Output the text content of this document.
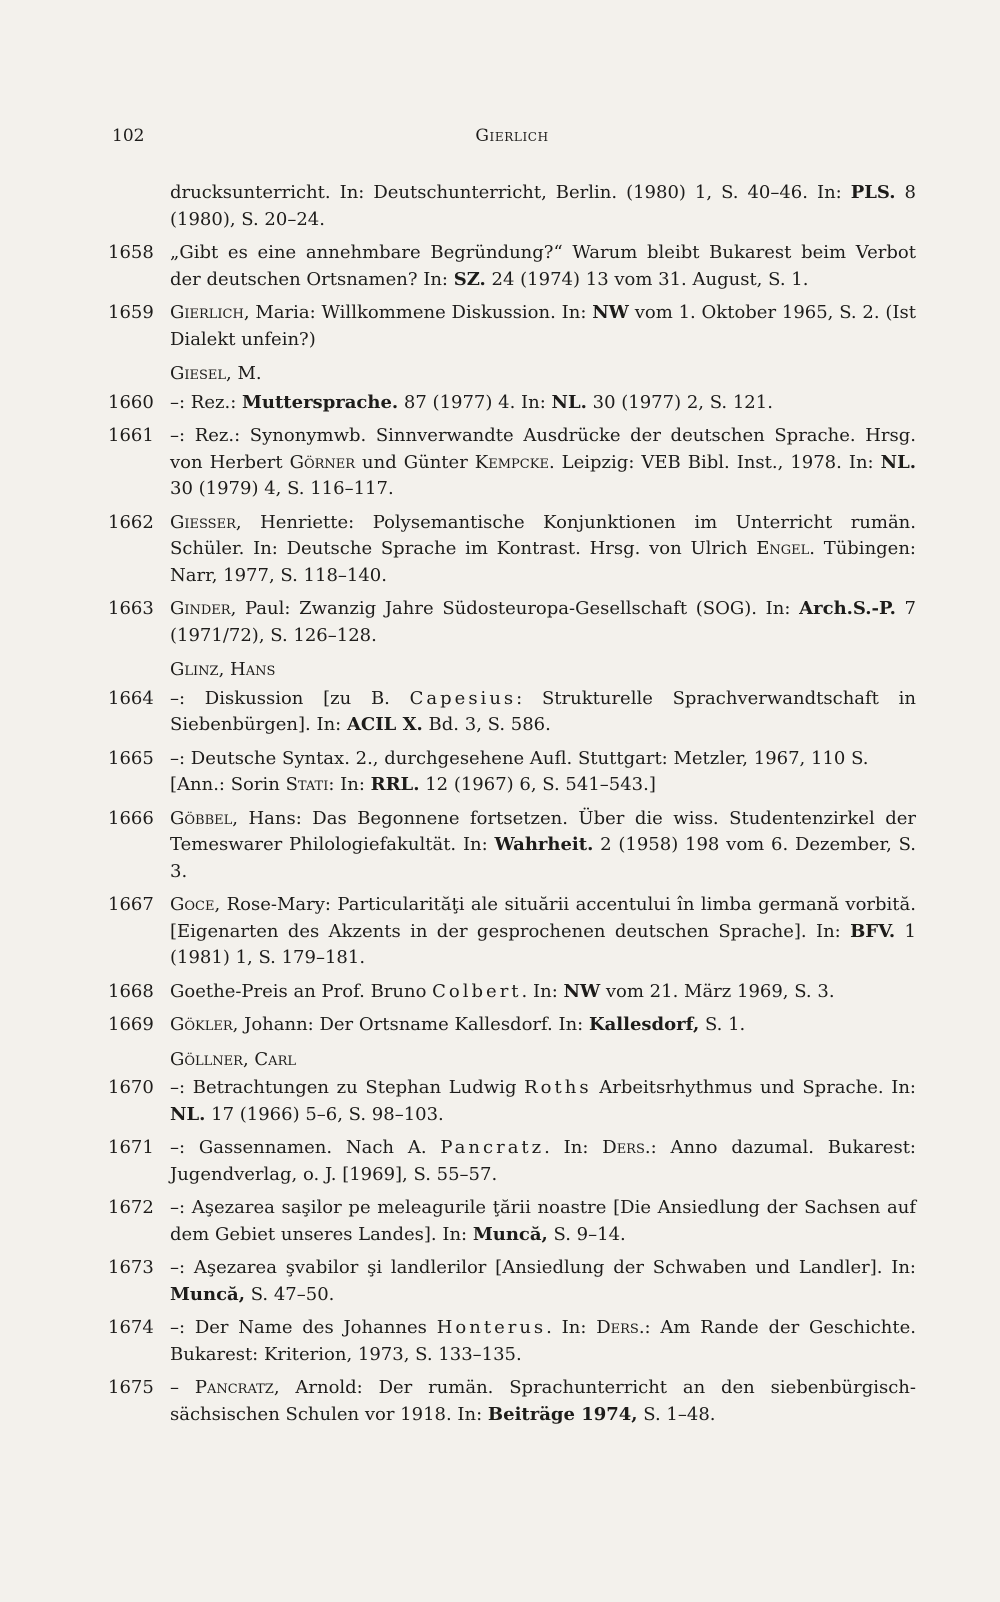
102	Gierlich
drucksunterricht. In: Deutschunterricht, Berlin. (1980) 1, S. 40–46. In: PLS. 8 (1980), S. 20–24.
1658 „Gibt es eine annehmbare Begründung?“ Warum bleibt Bukarest beim Verbot der deutschen Ortsnamen? In: SZ. 24 (1974) 13 vom 31. August, S. 1.
1659 Gierlich, Maria: Willkommene Diskussion. In: NW vom 1. Oktober 1965, S. 2. (Ist Dialekt unfein?)
Giesel, M.
1660 –: Rez.: Muttersprache. 87 (1977) 4. In: NL. 30 (1977) 2, S. 121.
1661 –: Rez.: Synonymwb. Sinnverwandte Ausdrücke der deutschen Sprache. Hrsg. von Herbert Görner und Günter Kempcke. Leipzig: VEB Bibl. Inst., 1978. In: NL. 30 (1979) 4, S. 116–117.
1662 Giesser, Henriette: Polysemantische Konjunktionen im Unterricht rumän. Schüler. In: Deutsche Sprache im Kontrast. Hrsg. von Ulrich Engel. Tübingen: Narr, 1977, S. 118–140.
1663 Ginder, Paul: Zwanzig Jahre Südosteuropa-Gesellschaft (SOG). In: Arch.S.-P. 7 (1971/72), S. 126–128.
Glinz, Hans
1664 –: Diskussion [zu B. Capesius: Strukturelle Sprachverwandtschaft in Siebenbürgen]. In: ACIL X. Bd. 3, S. 586.
1665 –: Deutsche Syntax. 2., durchgesehene Aufl. Stuttgart: Metzler, 1967, 110 S.
[Ann.: Sorin Stati: In: RRL. 12 (1967) 6, S. 541–543.]
1666 Göbbel, Hans: Das Begonnene fortsetzen. Über die wiss. Studentenzirkel der Temeswarer Philologiefakultät. In: Wahrheit. 2 (1958) 198 vom 6. Dezember, S. 3.
1667 Goce, Rose-Mary: Particularităţi ale situării accentului în limba germană vorbită. [Eigenarten des Akzents in der gesprochenen deutschen Sprache]. In: BFV. 1 (1981) 1, S. 179–181.
1668 Goethe-Preis an Prof. Bruno Colbert. In: NW vom 21. März 1969, S. 3.
1669 Gökler, Johann: Der Ortsname Kallesdorf. In: Kallesdorf, S. 1.
Göllner, Carl
1670 –: Betrachtungen zu Stephan Ludwig Roths Arbeitsrhythmus und Sprache. In: NL. 17 (1966) 5–6, S. 98–103.
1671 –: Gassennamen. Nach A. Pancratz. In: Ders.: Anno dazumal. Bukarest: Jugendverlag, o. J. [1969], S. 55–57.
1672 –: Aşezarea saşilor pe meleagurile ţării noastre [Die Ansiedlung der Sachsen auf dem Gebiet unseres Landes]. In: Muncă, S. 9–14.
1673 –: Aşezarea şvabilor şi landlerilor [Ansiedlung der Schwaben und Landler]. In: Muncă, S. 47–50.
1674 –: Der Name des Johannes Honterus. In: Ders.: Am Rande der Geschichte. Bukarest: Kriterion, 1973, S. 133–135.
1675 – Pancratz, Arnold: Der rumän. Sprachunterricht an den siebenbürgisch-sächsischen Schulen vor 1918. In: Beiträge 1974, S. 1–48.
